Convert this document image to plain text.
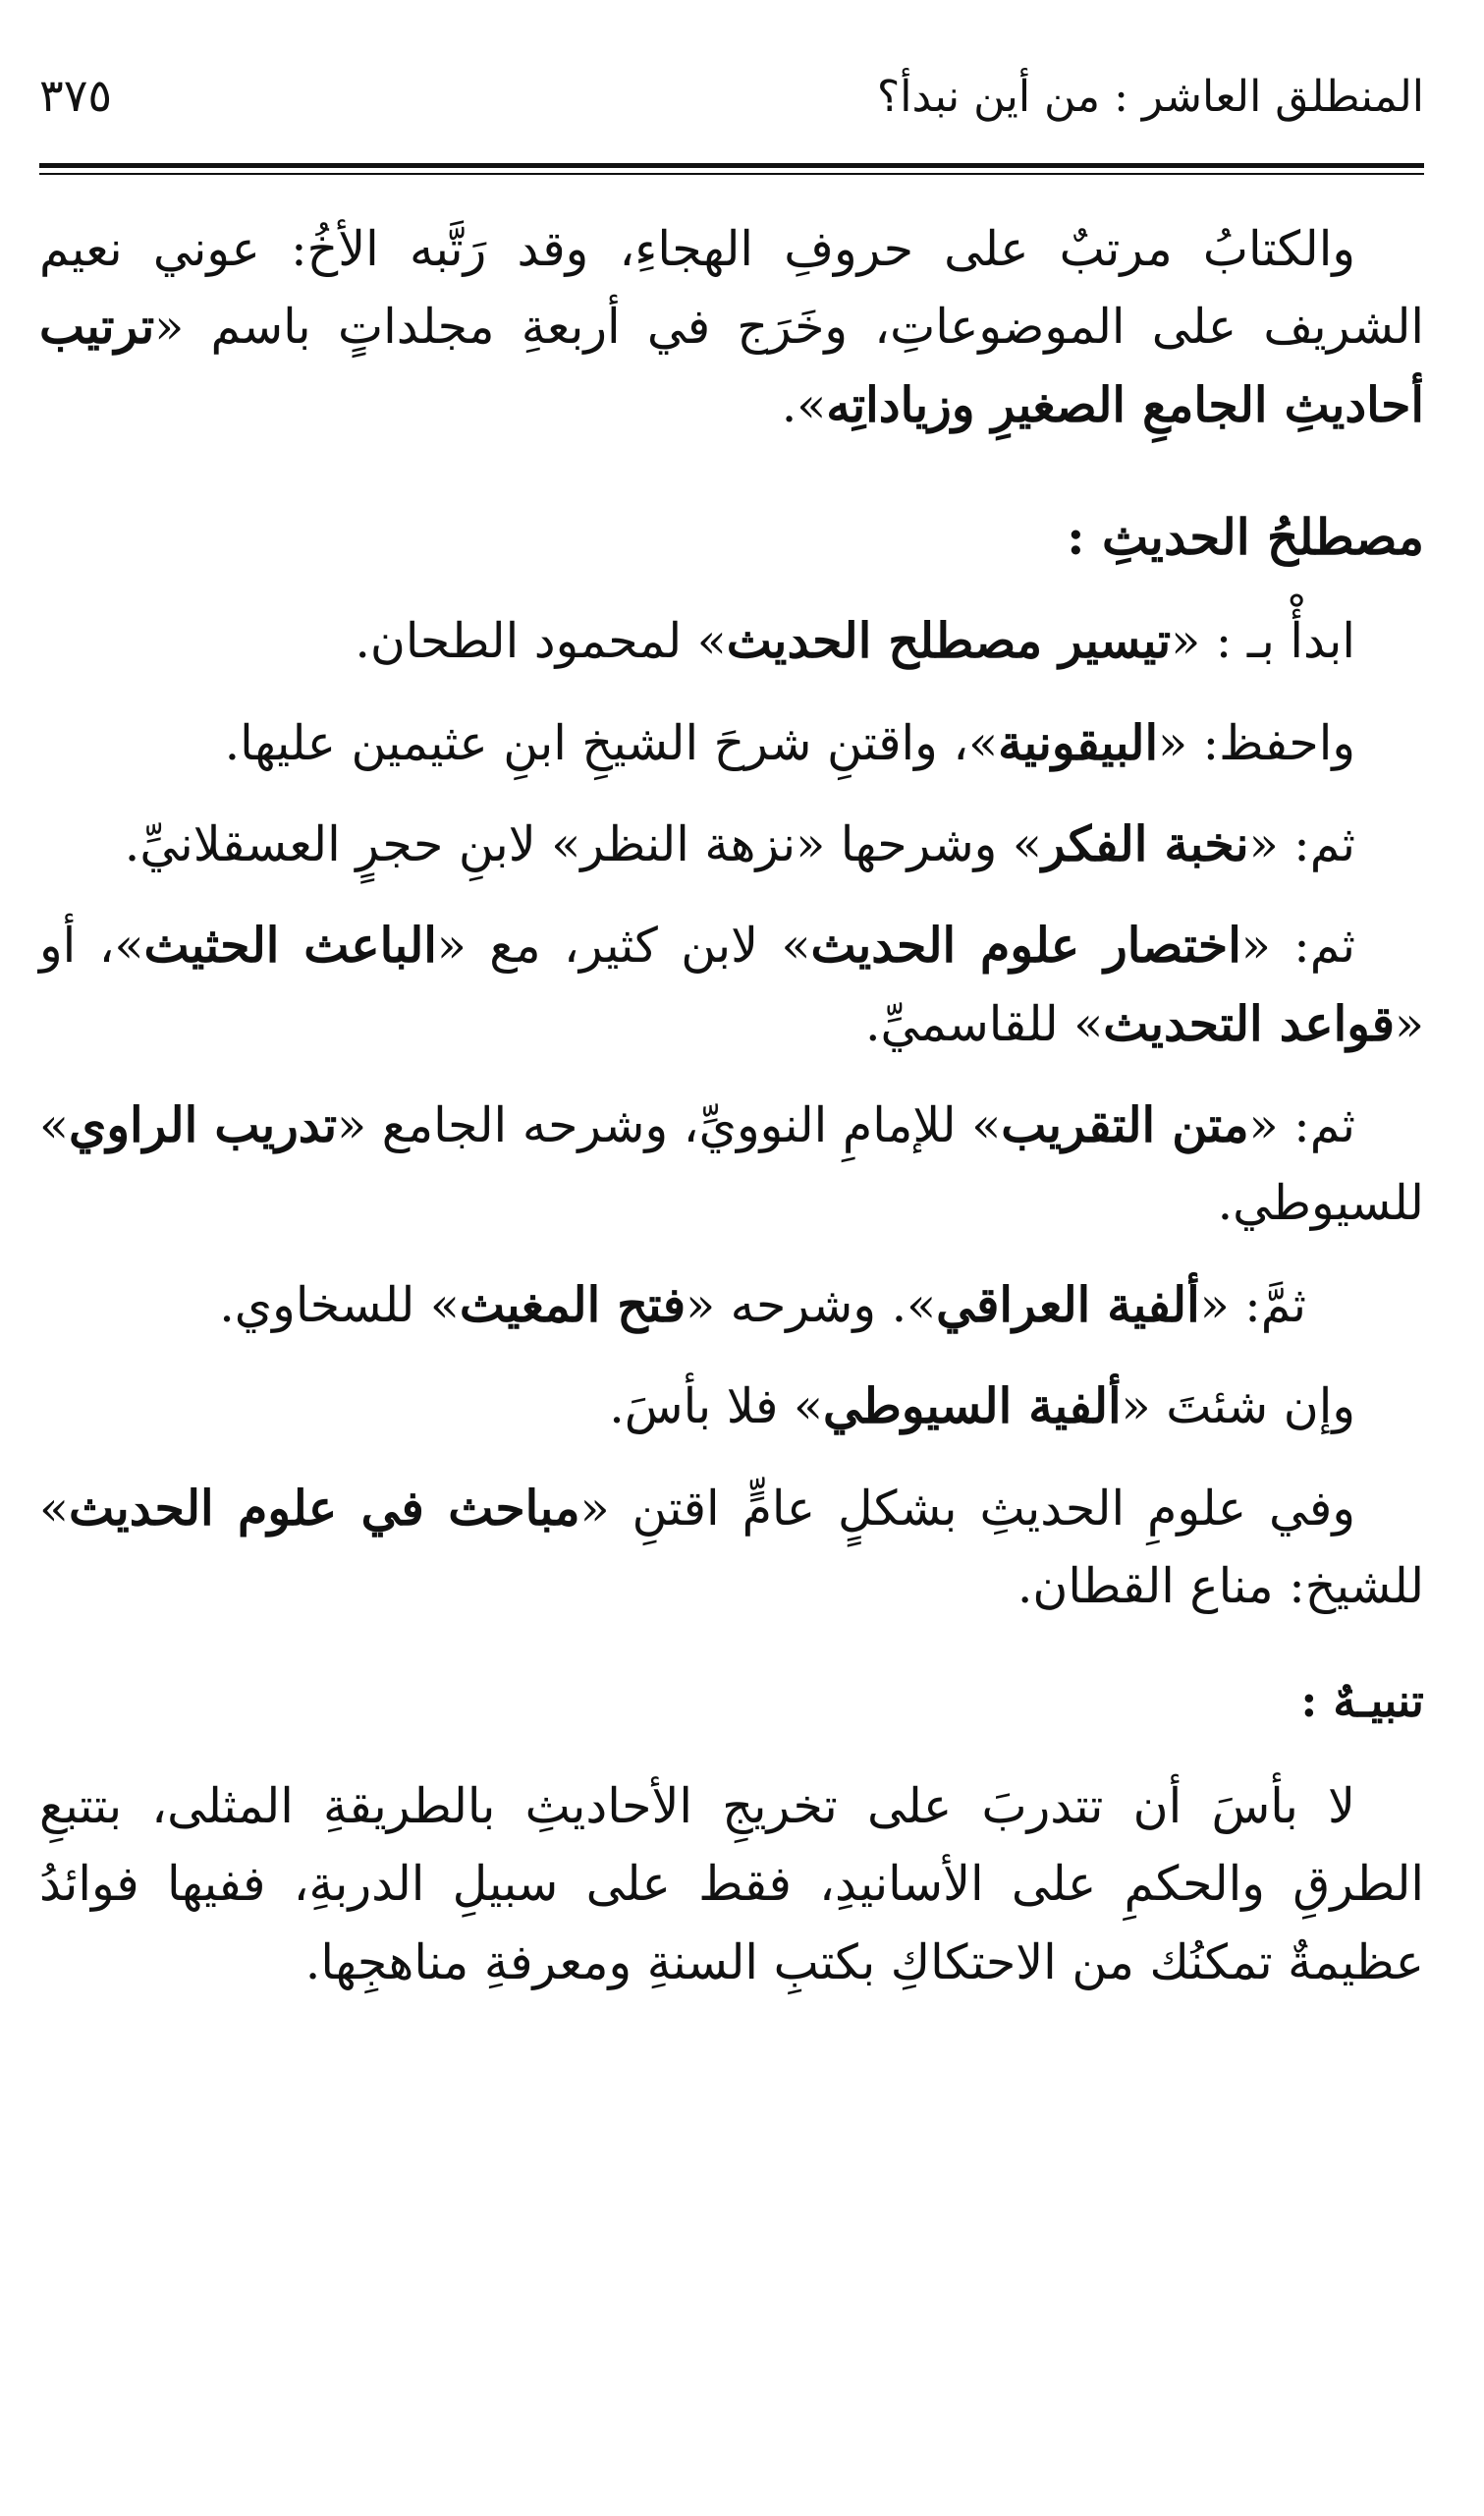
المنطلق العاشر : من أين نبدأ؟
٣٧٥

والكتابُ مرتبٌ على حروفِ الهجاءِ، وقد رَتَّبه الأخُ: عوني نعيم الشريف على الموضوعاتِ، وخَرَج في أربعةِ مجلداتٍ باسم «ترتيب أحاديثِ الجامعِ الصغيرِ وزياداتِه».

مصطلحُ الحديثِ :

ابدأْ بـ : «تيسير مصطلح الحديث» لمحمود الطحان.

واحفظ: «البيقونية»، واقتنِ شرحَ الشيخِ ابنِ عثيمين عليها.

ثم: «نخبة الفكر» وشرحها «نزهة النظر» لابنِ حجرٍ العسقلانيِّ.

ثم: «اختصار علوم الحديث» لابن كثير، مع «الباعث الحثيث»، أو «قواعد التحديث» للقاسميِّ.

ثم: «متن التقريب» للإمامِ النوويِّ، وشرحه الجامع «تدريب الراوي» للسيوطي.

ثمَّ: «ألفية العراقي». وشرحه «فتح المغيث» للسخاوي.

وإن شئتَ «ألفية السيوطي» فلا بأسَ.

وفي علومِ الحديثِ بشكلٍ عامٍّ اقتنِ «مباحث في علوم الحديث» للشيخ: مناع القطان.

تنبيـهٌ :

لا بأسَ أن تتدربَ على تخريجِ الأحاديثِ بالطريقةِ المثلى، بتتبعِ الطرقِ والحكمِ على الأسانيدِ، فقط على سبيلِ الدربةِ، ففيها فوائدُ عظيمةٌ تمكنُك من الاحتكاكِ بكتبِ السنةِ ومعرفةِ مناهجِها.
